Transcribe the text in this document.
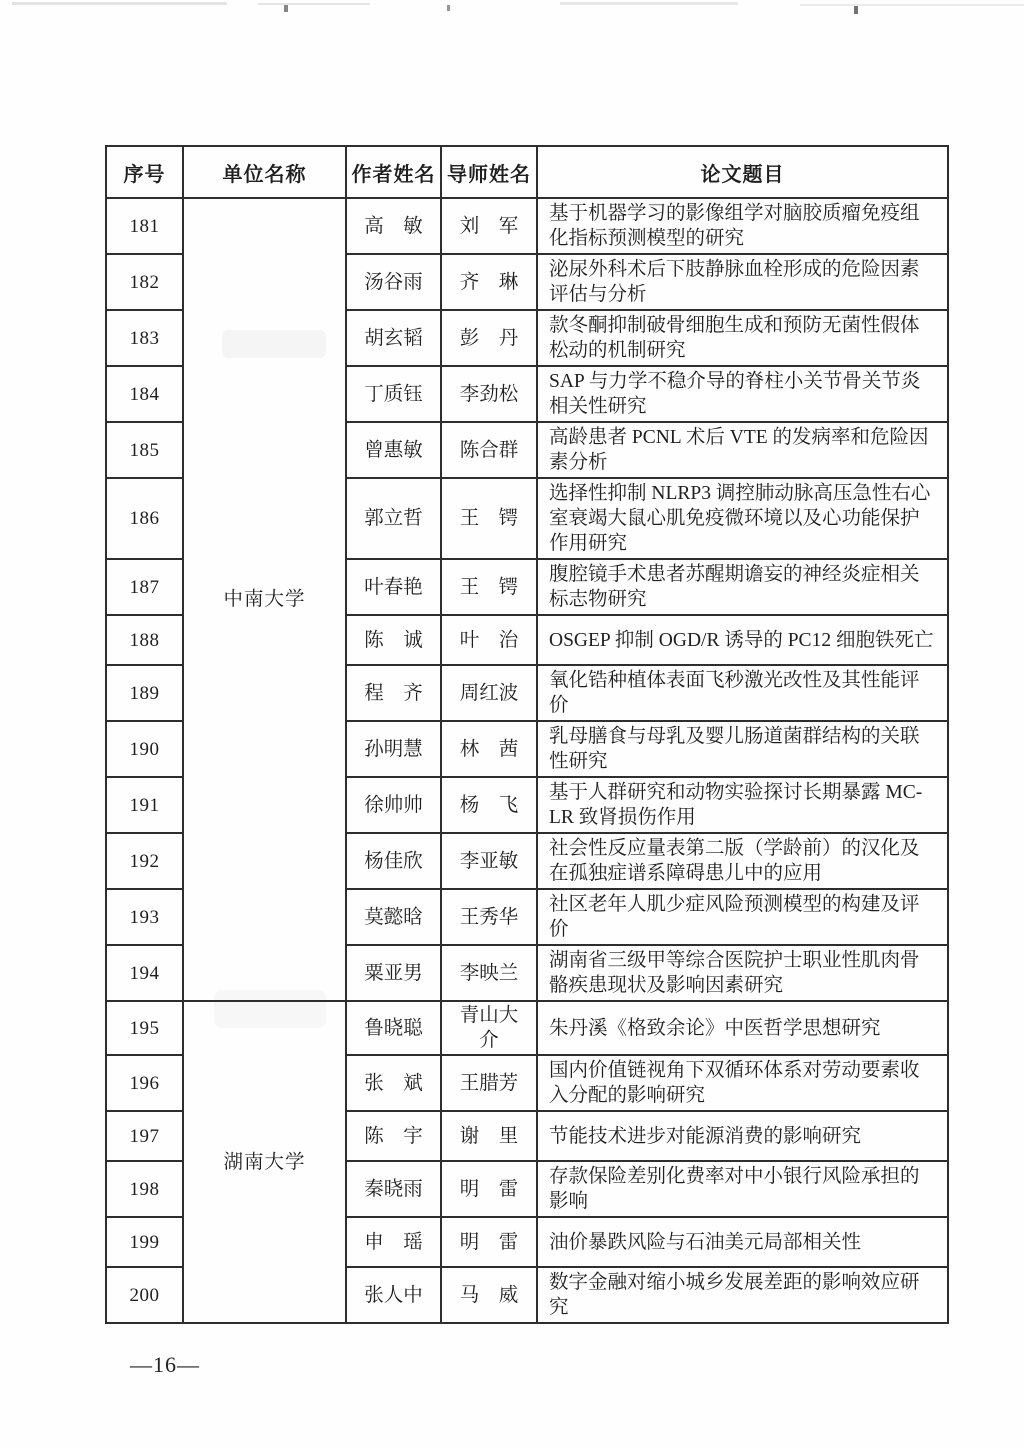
序号	单位名称	作者姓名	导师姓名	论文题目
181	中南大学	高　敏	刘　军	基于机器学习的影像组学对脑胶质瘤免疫组化指标预测模型的研究
182		汤谷雨	齐　琳	泌尿外科术后下肢静脉血栓形成的危险因素评估与分析
183		胡玄韬	彭　丹	款冬酮抑制破骨细胞生成和预防无菌性假体松动的机制研究
184		丁质钰	李劲松	SAP 与力学不稳介导的脊柱小关节骨关节炎相关性研究
185		曾惠敏	陈合群	高龄患者 PCNL 术后 VTE 的发病率和危险因素分析
186		郭立哲	王　锷	选择性抑制 NLRP3 调控肺动脉高压急性右心室衰竭大鼠心肌免疫微环境以及心功能保护作用研究
187		叶春艳	王　锷	腹腔镜手术患者苏醒期谵妄的神经炎症相关标志物研究
188		陈　诚	叶　治	OSGEP 抑制 OGD/R 诱导的 PC12 细胞铁死亡
189		程　齐	周红波	氧化锆种植体表面飞秒激光改性及其性能评价
190		孙明慧	林　茜	乳母膳食与母乳及婴儿肠道菌群结构的关联性研究
191		徐帅帅	杨　飞	基于人群研究和动物实验探讨长期暴露 MC-LR 致肾损伤作用
192		杨佳欣	李亚敏	社会性反应量表第二版（学龄前）的汉化及在孤独症谱系障碍患儿中的应用
193		莫懿晗	王秀华	社区老年人肌少症风险预测模型的构建及评价
194		粟亚男	李映兰	湖南省三级甲等综合医院护士职业性肌肉骨骼疾患现状及影响因素研究
195	湖南大学	鲁晓聪	青山大介	朱丹溪《格致余论》中医哲学思想研究
196		张　斌	王腊芳	国内价值链视角下双循环体系对劳动要素收入分配的影响研究
197		陈　宇	谢　里	节能技术进步对能源消费的影响研究
198		秦晓雨	明　雷	存款保险差别化费率对中小银行风险承担的影响
199		申　瑶	明　雷	油价暴跌风险与石油美元局部相关性
200		张人中	马　威	数字金融对缩小城乡发展差距的影响效应研究
—16—
